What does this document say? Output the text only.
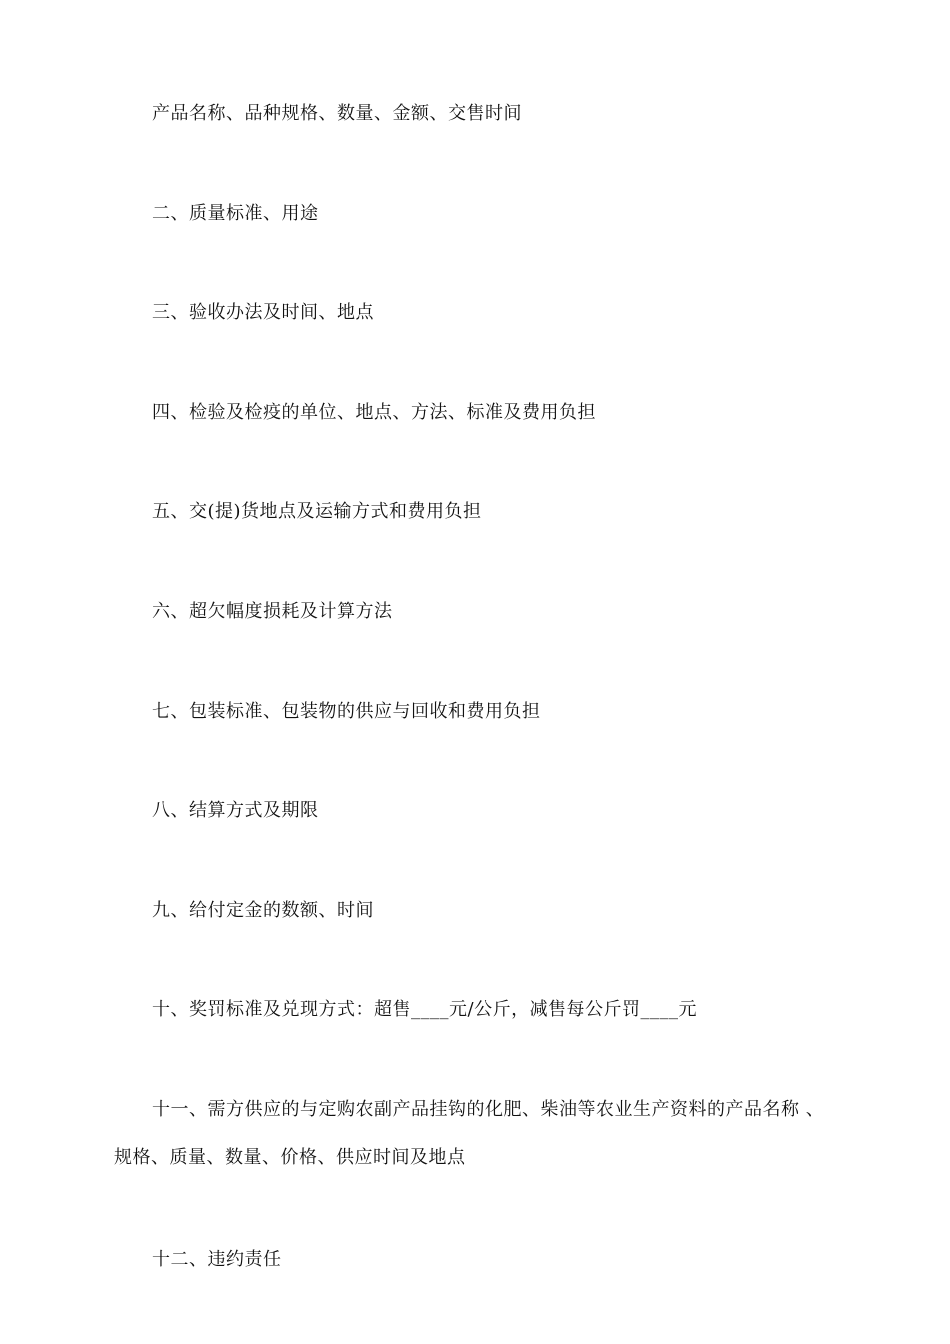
产品名称、品种规格、数量、金额、交售时间
二、质量标准、用途
三、验收办法及时间、地点
四、检验及检疫的单位、地点、方法、标准及费用负担
五、交(提)货地点及运输方式和费用负担
六、超欠幅度损耗及计算方法
七、包装标准、包装物的供应与回收和费用负担
八、结算方式及期限
九、给付定金的数额、时间
十、奖罚标准及兑现方式：超售____元/公斤，减售每公斤罚____元
十一、需方供应的与定购农副产品挂钩的化肥、柴油等农业生产资料的产品名称 、
规格、质量、数量、价格、供应时间及地点
十二、违约责任
